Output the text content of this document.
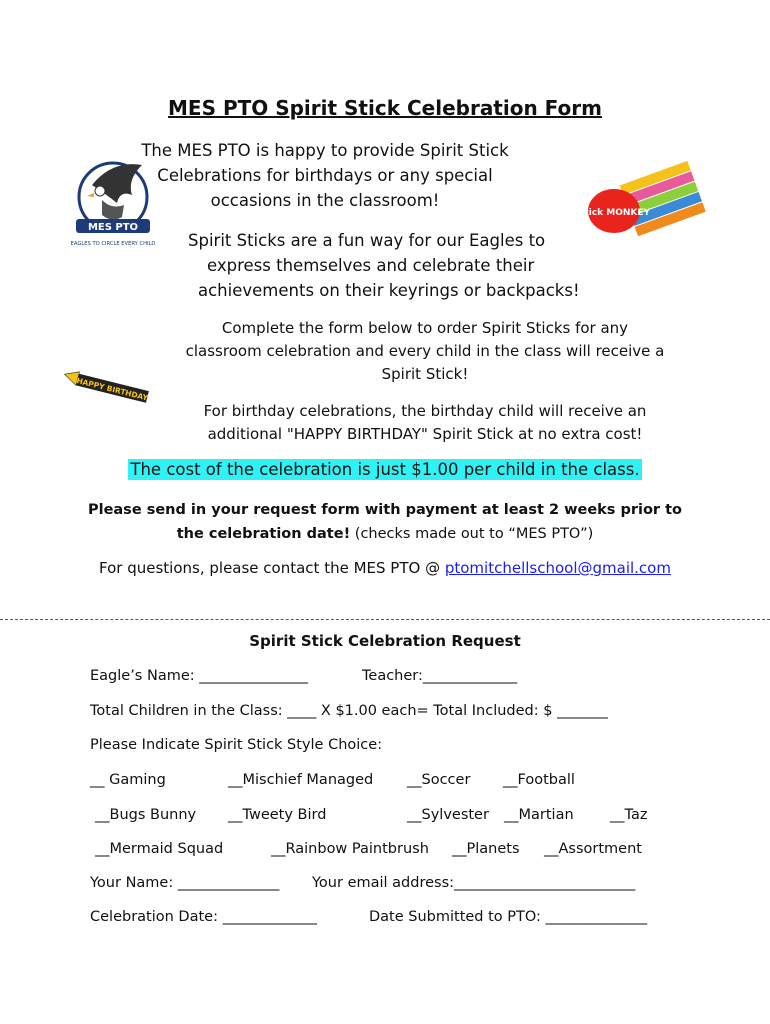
MES PTO Spirit Stick Celebration Form
MES PTO
EAGLES TO CIRCLE EVERY CHILD
The MES PTO is happy to provide Spirit Stick
Celebrations for birthdays or any special
occasions in the classroom!
Spirit Sticks are a fun way for our Eagles to
express themselves and celebrate their
achievements on their keyrings or backpacks!
Stick MONKEY
Complete the form below to order Spirit Sticks for any
classroom celebration and every child in the class will receive a
Spirit Stick!
HAPPY BIRTHDAY
For birthday celebrations, the birthday child will receive an
additional "HAPPY BIRTHDAY" Spirit Stick at no extra cost!
The cost of the celebration is just $1.00 per child in the class.
Please send in your request form with payment at least 2 weeks prior to
the celebration date! (checks made out to “MES PTO”)
For questions, please contact the MES PTO @ ptomitchellschool@gmail.com
Spirit Stick Celebration Request
Eagle’s Name: _______________	Teacher:_____________
Total Children in the Class: ____ X $1.00 each= Total Included: $ _______
Please Indicate Spirit Stick Style Choice:
__ Gaming	__Mischief Managed __Soccer __Football
__Bugs Bunny __Tweety Bird	__Sylvester __Martian	__Taz
__Mermaid Squad	__Rainbow Paintbrush __Planets __Assortment
Your Name: ______________ Your email address:_________________________
Celebration Date: _____________	Date Submitted to PTO: ______________
